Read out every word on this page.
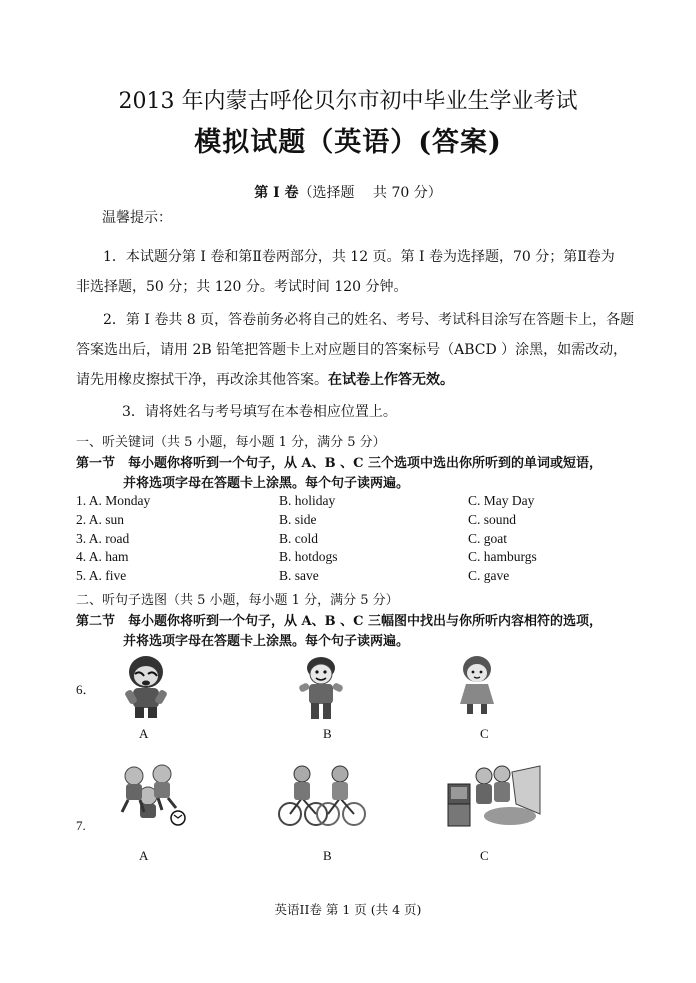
2013 年内蒙古呼伦贝尔市初中毕业生学业考试
模拟试题（英语）(答案)
第 I 卷（选择题　 共 70 分）
温馨提示：
1．本试题分第 I 卷和第Ⅱ卷两部分，共 12 页。第 I 卷为选择题，70 分；第Ⅱ卷为
非选择题，50 分；共 120 分。考试时间 120 分钟。
2．第 I 卷共 8 页，答卷前务必将自己的姓名、考号、考试科目涂写在答题卡上，各题
答案选出后，请用 2B 铅笔把答题卡上对应题目的答案标号（ABCD ）涂黑，如需改动，
请先用橡皮擦拭干净，再改涂其他答案。在试卷上作答无效。
3．请将姓名与考号填写在本卷相应位置上。
一、听关键词（共 5 小题，每小题 1 分，满分 5 分）
第一节　每小题你将听到一个句子，从 A、B 、C 三个选项中选出你所听到的单词或短语，
并将选项字母在答题卡上涂黑。每个句子读两遍。
1. A. Monday	B. holiday	C. May Day
2. A. sun	B. side	C. sound
3. A. road	B. cold	C. goat
4. A. ham	B. hotdogs	C. hamburgs
5. A. five	B. save	C. gave
二、听句子选图（共 5 小题，每小题 1 分，满分 5 分）
第二节　每小题你将听到一个句子，从 A、B 、C 三幅图中找出与你所听内容相符的选项，
并将选项字母在答题卡上涂黑。每个句子读两遍。
6．
A	B	C
7.
A	B	C
英语II卷 第 1 页 (共 4 页)
